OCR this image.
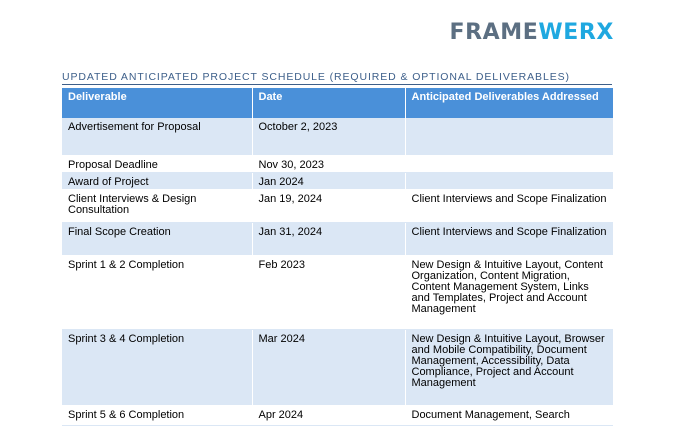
FRAMEWERX
UPDATED ANTICIPATED PROJECT SCHEDULE (REQUIRED & OPTIONAL DELIVERABLES)
Deliverable	Date	Anticipated Deliverables Addressed
Advertisement for Proposal	October 2, 2023	
Proposal Deadline	Nov 30, 2023	
Award of Project	Jan 2024	
Client Interviews & Design Consultation	Jan 19, 2024	Client Interviews and Scope Finalization
Final Scope Creation	Jan 31, 2024	Client Interviews and Scope Finalization
Sprint 1 & 2 Completion	Feb 2023	New Design & Intuitive Layout, Content Organization, Content Migration, Content Management System, Links and Templates, Project and Account Management
Sprint 3 & 4 Completion	Mar 2024	New Design & Intuitive Layout, Browser and Mobile Compatibility, Document Management, Accessibility, Data Compliance, Project and Account Management
Sprint 5 & 6 Completion	Apr 2024	Document Management, Search
